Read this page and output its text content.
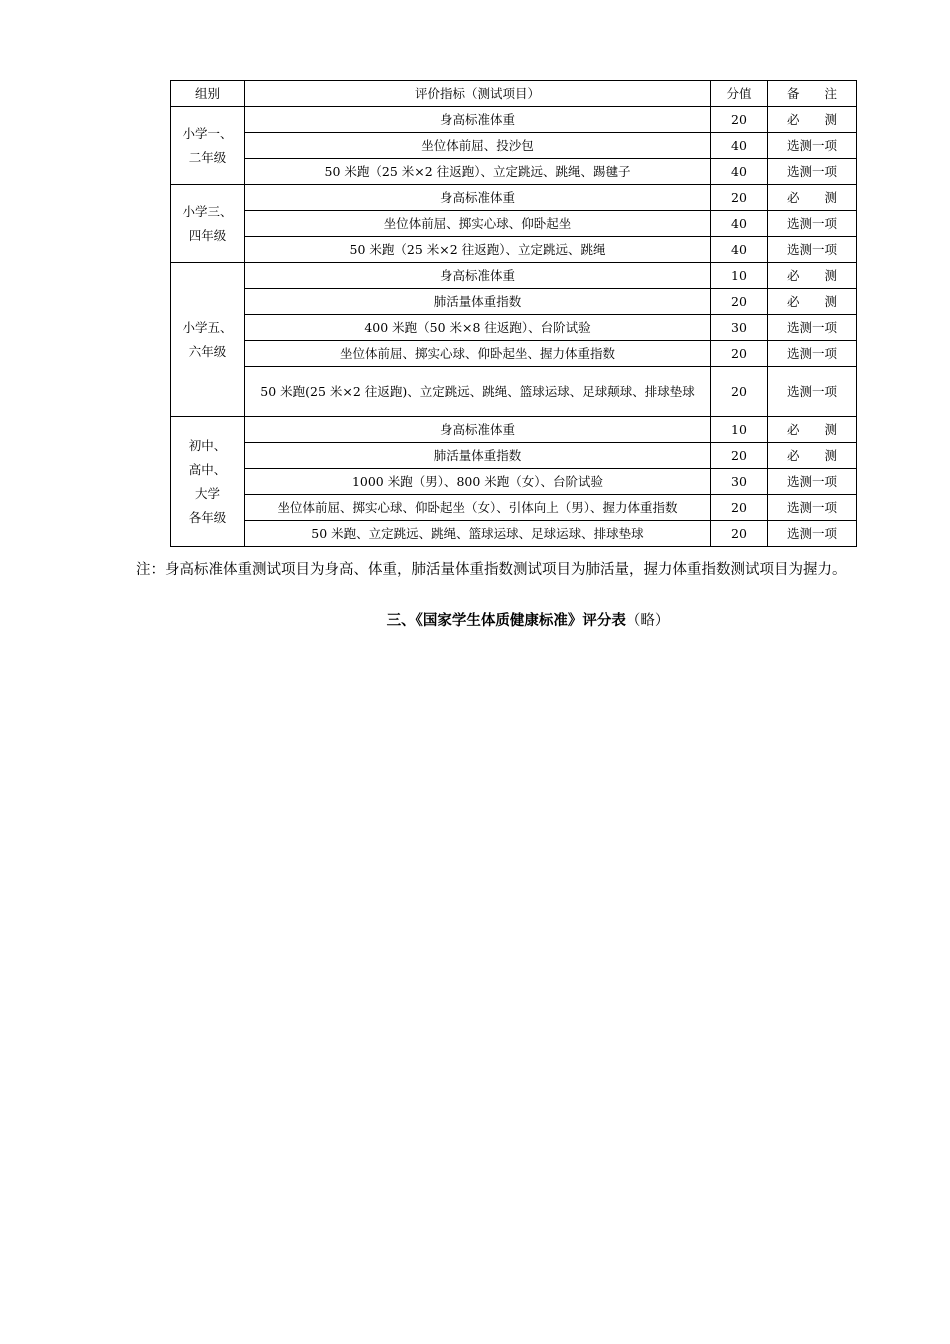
组别	评价指标（测试项目）	分值	备　　注
小学一、
二年级	身高标准体重	20	必　　测
	坐位体前屈、投沙包	40	选测一项
	50 米跑（25 米×2 往返跑）、立定跳远、跳绳、踢毽子	40	选测一项
小学三、
四年级	身高标准体重	20	必　　测
	坐位体前屈、掷实心球、仰卧起坐	40	选测一项
	50 米跑（25 米×2 往返跑）、立定跳远、跳绳	40	选测一项
小学五、
六年级	身高标准体重	10	必　　测
	肺活量体重指数	20	必　　测
	400 米跑（50 米×8 往返跑）、台阶试验	30	选测一项
	坐位体前屈、掷实心球、仰卧起坐、握力体重指数	20	选测一项
	50 米跑(25 米×2 往返跑)、立定跳远、跳绳、篮球运球、足球颠球、排球垫球	20	选测一项
初中、
高中、
大学
各年级	身高标准体重	10	必　　测
	肺活量体重指数	20	必　　测
	1000 米跑（男）、800 米跑（女）、台阶试验	30	选测一项
	坐位体前屈、掷实心球、仰卧起坐（女）、引体向上（男）、握力体重指数	20	选测一项
	50 米跑、立定跳远、跳绳、篮球运球、足球运球、排球垫球	20	选测一项
注：身高标准体重测试项目为身高、体重，肺活量体重指数测试项目为肺活量，握力体重指数测试项目为握力。
三、《国家学生体质健康标准》评分表（略）
